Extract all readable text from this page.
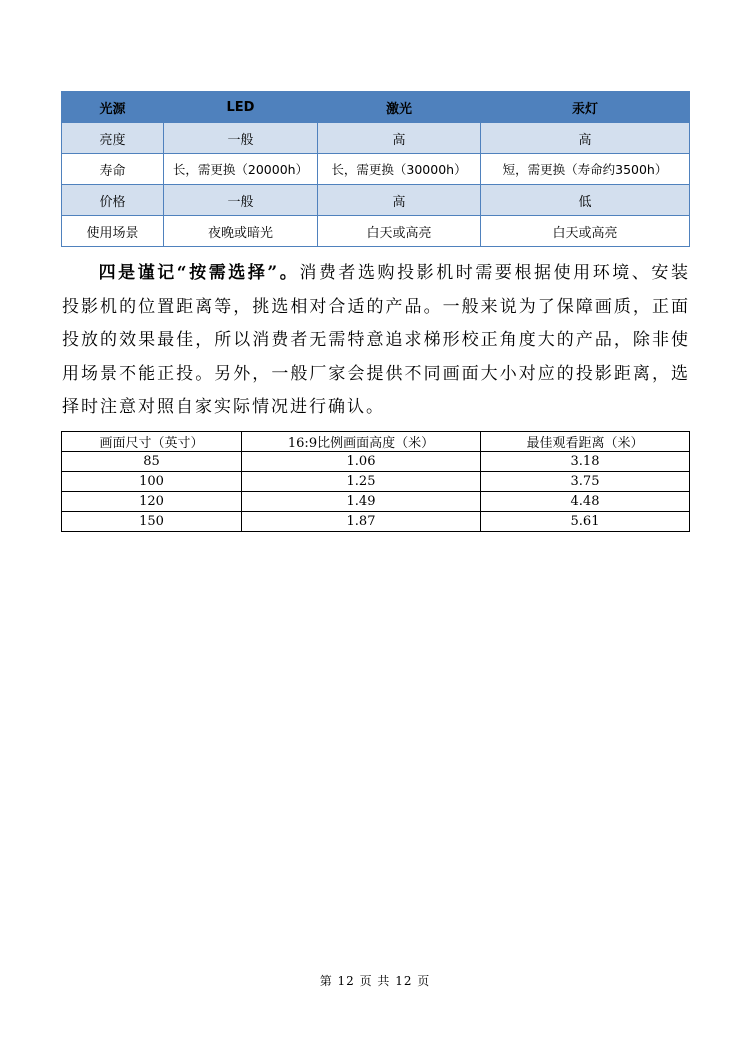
光源	LED	激光	汞灯
亮度	一般	高	高
寿命	长，需更换（20000h）	长，需更换（30000h）	短，需更换（寿命约3500h）
价格	一般	高	低
使用场景	夜晚或暗光	白天或高亮	白天或高亮

四是谨记“按需选择”。消费者选购投影机时需要根据使用环境、安装投影机的位置距离等，挑选相对合适的产品。一般来说为了保障画质，正面投放的效果最佳，所以消费者无需特意追求梯形校正角度大的产品，除非使用场景不能正投。另外，一般厂家会提供不同画面大小对应的投影距离，选择时注意对照自家实际情况进行确认。

画面尺寸（英寸）	16:9比例画面高度（米）	最佳观看距离（米）
85	1.06	3.18
100	1.25	3.75
120	1.49	4.48
150	1.87	5.61
第 12 页 共 12 页
